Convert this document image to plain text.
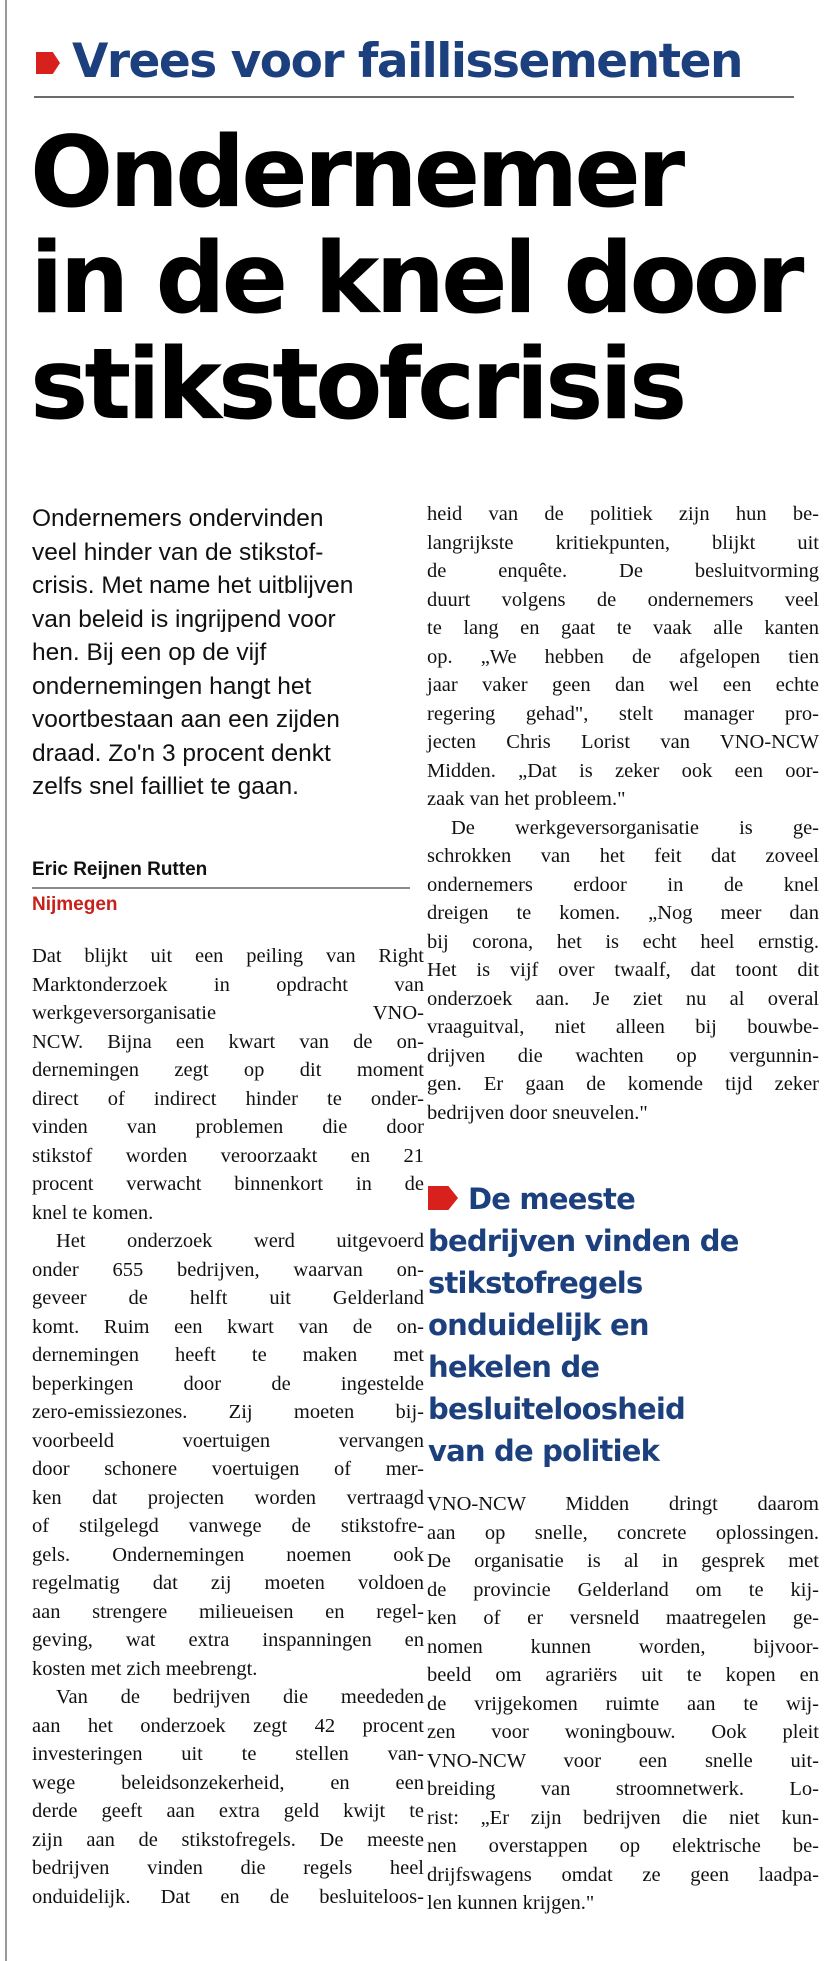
Vrees voor faillissementen
Ondernemer
in de knel door
stikstofcrisis
Ondernemers ondervinden
veel hinder van de stikstof-
crisis. Met name het uitblijven
van beleid is ingrijpend voor
hen. Bij een op de vijf
ondernemingen hangt het
voortbestaan aan een zijden
draad. Zo'n 3 procent denkt
zelfs snel failliet te gaan.
Eric Reijnen Rutten
Nijmegen
Dat blijkt uit een peiling van Right
Marktonderzoek in opdracht van
werkgeversorganisatie VNO-
NCW. Bijna een kwart van de on-
dernemingen zegt op dit moment
direct of indirect hinder te onder-
vinden van problemen die door
stikstof worden veroorzaakt en 21
procent verwacht binnenkort in de
knel te komen.
Het onderzoek werd uitgevoerd
onder 655 bedrijven, waarvan on-
geveer de helft uit Gelderland
komt. Ruim een kwart van de on-
dernemingen heeft te maken met
beperkingen door de ingestelde
zero-emissiezones. Zij moeten bij-
voorbeeld voertuigen vervangen
door schonere voertuigen of mer-
ken dat projecten worden vertraagd
of stilgelegd vanwege de stikstofre-
gels. Ondernemingen noemen ook
regelmatig dat zij moeten voldoen
aan strengere milieueisen en regel-
geving, wat extra inspanningen en
kosten met zich meebrengt.
Van de bedrijven die meededen
aan het onderzoek zegt 42 procent
investeringen uit te stellen van-
wege beleidsonzekerheid, en een
derde geeft aan extra geld kwijt te
zijn aan de stikstofregels. De meeste
bedrijven vinden die regels heel
onduidelijk. Dat en de besluiteloos-
heid van de politiek zijn hun be-
langrijkste kritiekpunten, blijkt uit
de enquête. De besluitvorming
duurt volgens de ondernemers veel
te lang en gaat te vaak alle kanten
op. „We hebben de afgelopen tien
jaar vaker geen dan wel een echte
regering gehad", stelt manager pro-
jecten Chris Lorist van VNO-NCW
Midden. „Dat is zeker ook een oor-
zaak van het probleem."
De werkgeversorganisatie is ge-
schrokken van het feit dat zoveel
ondernemers erdoor in de knel
dreigen te komen. „Nog meer dan
bij corona, het is echt heel ernstig.
Het is vijf over twaalf, dat toont dit
onderzoek aan. Je ziet nu al overal
vraaguitval, niet alleen bij bouwbe-
drijven die wachten op vergunnin-
gen. Er gaan de komende tijd zeker
bedrijven door sneuvelen."
De meeste
bedrijven vinden de
stikstofregels
onduidelijk en
hekelen de
besluiteloosheid
van de politiek
VNO-NCW Midden dringt daarom
aan op snelle, concrete oplossingen.
De organisatie is al in gesprek met
de provincie Gelderland om te kij-
ken of er versneld maatregelen ge-
nomen kunnen worden, bijvoor-
beeld om agrariërs uit te kopen en
de vrijgekomen ruimte aan te wij-
zen voor woningbouw. Ook pleit
VNO-NCW voor een snelle uit-
breiding van stroomnetwerk. Lo-
rist: „Er zijn bedrijven die niet kun-
nen overstappen op elektrische be-
drijfswagens omdat ze geen laadpa-
len kunnen krijgen."
